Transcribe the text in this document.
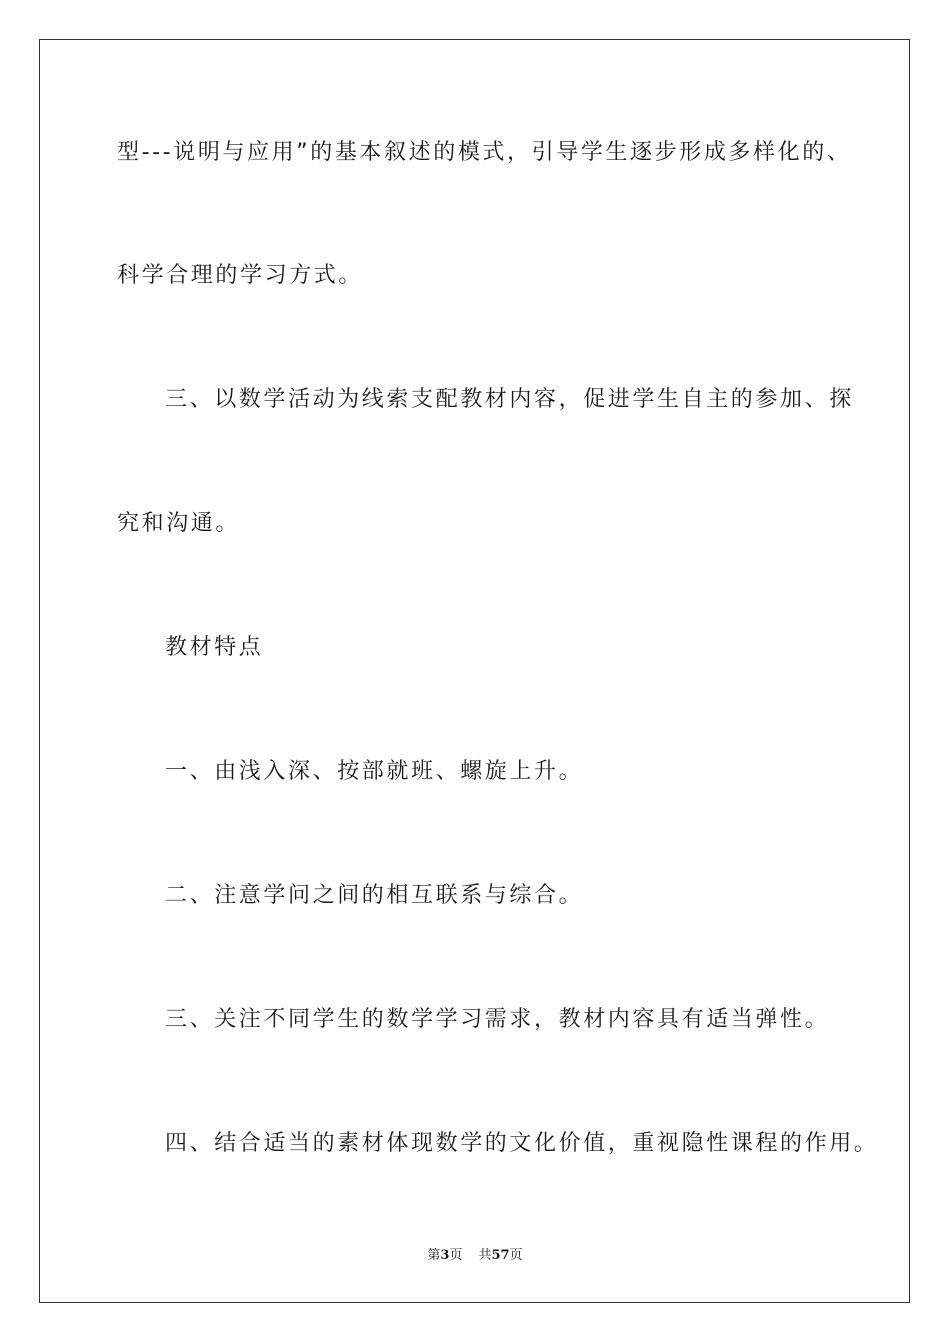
型---说明与应用”的基本叙述的模式，引导学生逐步形成多样化的、
科学合理的学习方式。
三、以数学活动为线索支配教材内容，促进学生自主的参加、探
究和沟通。
教材特点
一、由浅入深、按部就班、螺旋上升。
二、注意学问之间的相互联系与综合。
三、关注不同学生的数学学习需求，教材内容具有适当弹性。
四、结合适当的素材体现数学的文化价值，重视隐性课程的作用。
第3页 共57页
